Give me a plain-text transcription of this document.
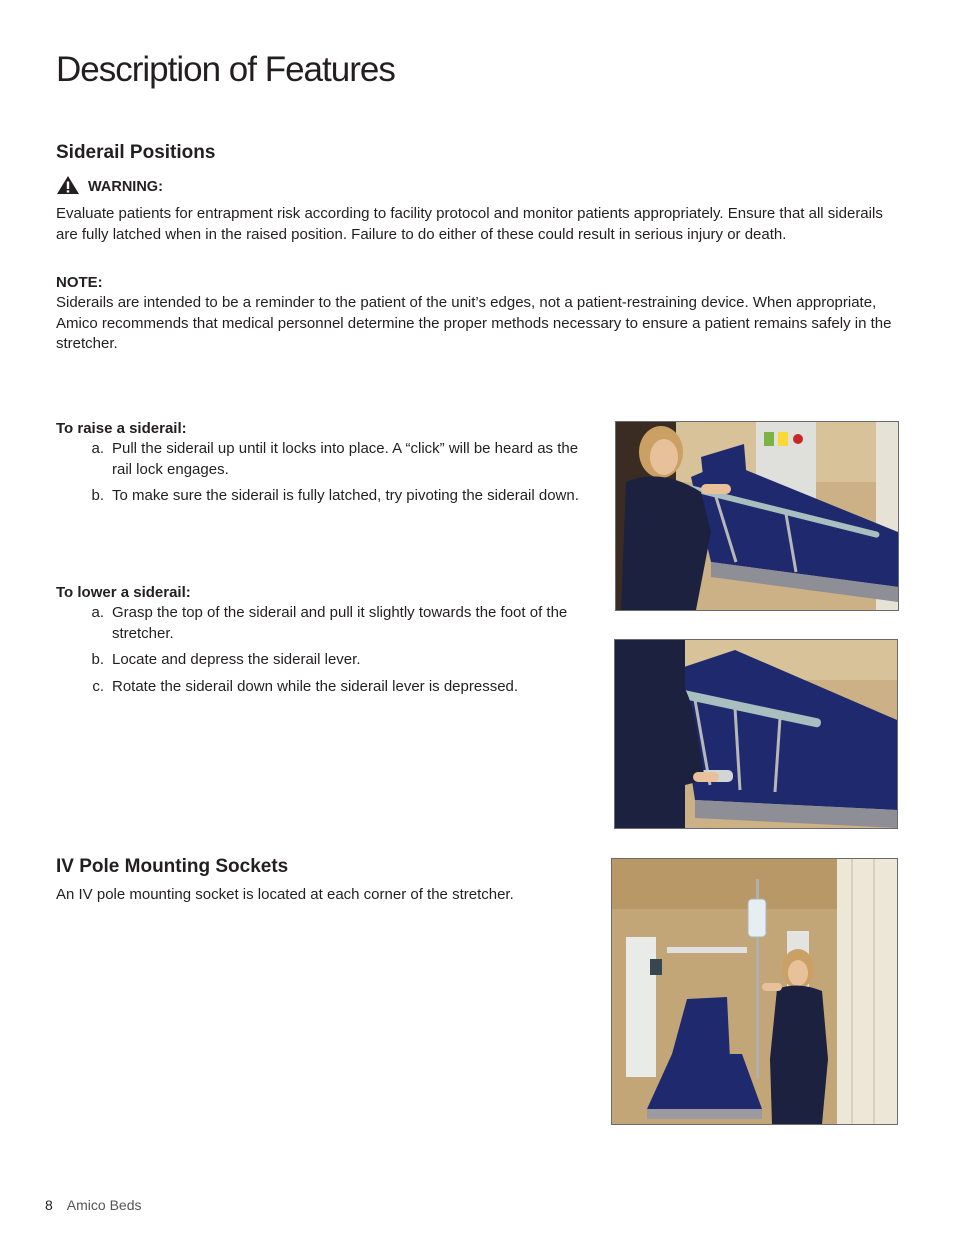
Description of Features
Siderail Positions
WARNING:

Evaluate patients for entrapment risk according to facility protocol and monitor patients appropriately. Ensure that all siderails are fully latched when in the raised position. Failure to do either of these could result in serious injury or death.

NOTE:

Siderails are intended to be a reminder to the patient of the unit’s edges, not a patient-restraining device. When appropriate, Amico recommends that medical personnel determine the proper methods necessary to ensure a patient remains safely in the stretcher.

To raise a siderail:
a. Pull the siderail up until it locks into place. A “click” will be heard as the rail lock engages.
b. To make sure the siderail is fully latched, try pivoting the siderail down.
To lower a siderail:
a. Grasp the top of the siderail and pull it slightly towards the foot of the stretcher.
b. Locate and depress the siderail lever.
c. Rotate the siderail down while the siderail lever is depressed.
IV Pole Mounting Sockets

An IV pole mounting socket is located at each corner of the stretcher.

8 Amico Beds
